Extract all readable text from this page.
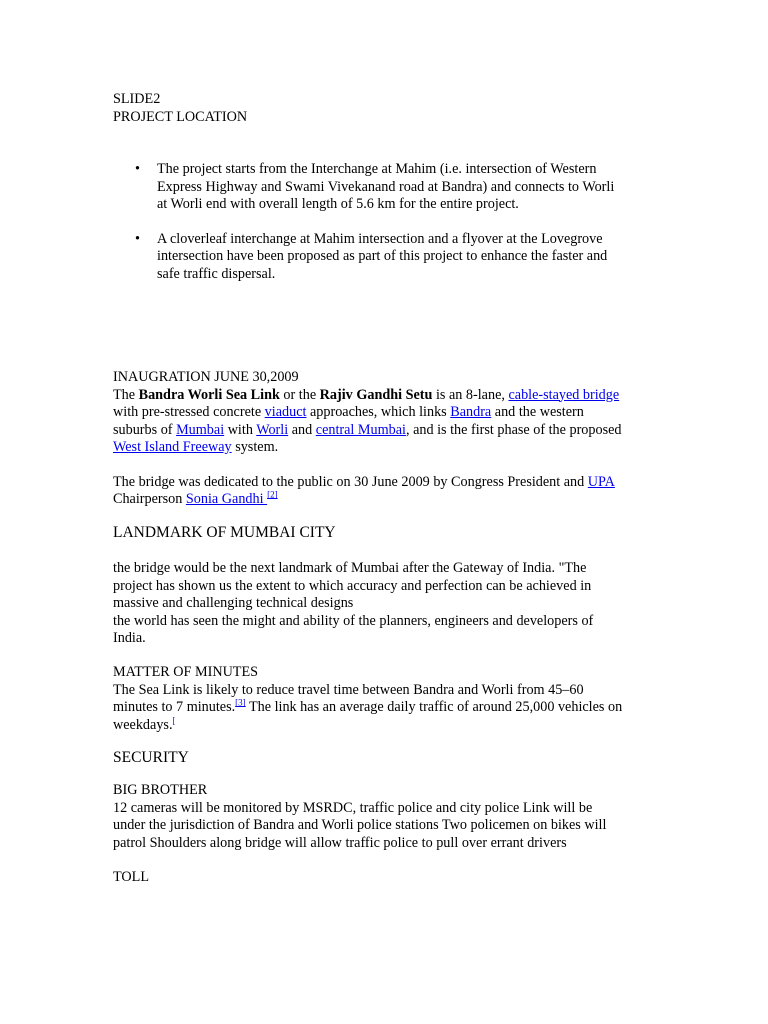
SLIDE2
PROJECT LOCATION
• The project starts from the Interchange at Mahim (i.e. intersection of Western
Express Highway and Swami Vivekanand road at Bandra) and connects to Worli
at Worli end with overall length of 5.6 km for the entire project.
• A cloverleaf interchange at Mahim intersection and a flyover at the Lovegrove
intersection have been proposed as part of this project to enhance the faster and
safe traffic dispersal.
INAUGRATION JUNE 30,2009
The Bandra Worli Sea Link or the Rajiv Gandhi Setu is an 8-lane, cable-stayed bridge
with pre-stressed concrete viaduct approaches, which links Bandra and the western
suburbs of Mumbai with Worli and central Mumbai, and is the first phase of the proposed
West Island Freeway system.
The bridge was dedicated to the public on 30 June 2009 by Congress President and UPA
Chairperson Sonia Gandhi [2]
LANDMARK OF MUMBAI CITY
the bridge would be the next landmark of Mumbai after the Gateway of India. "The
project has shown us the extent to which accuracy and perfection can be achieved in
massive and challenging technical designs
the world has seen the might and ability of the planners, engineers and developers of
India.
MATTER OF MINUTES
The Sea Link is likely to reduce travel time between Bandra and Worli from 45–60
minutes to 7 minutes.[3] The link has an average daily traffic of around 25,000 vehicles on
weekdays.[
SECURITY
BIG BROTHER
12 cameras will be monitored by MSRDC, traffic police and city police Link will be
under the jurisdiction of Bandra and Worli police stations Two policemen on bikes will
patrol Shoulders along bridge will allow traffic police to pull over errant drivers
TOLL
